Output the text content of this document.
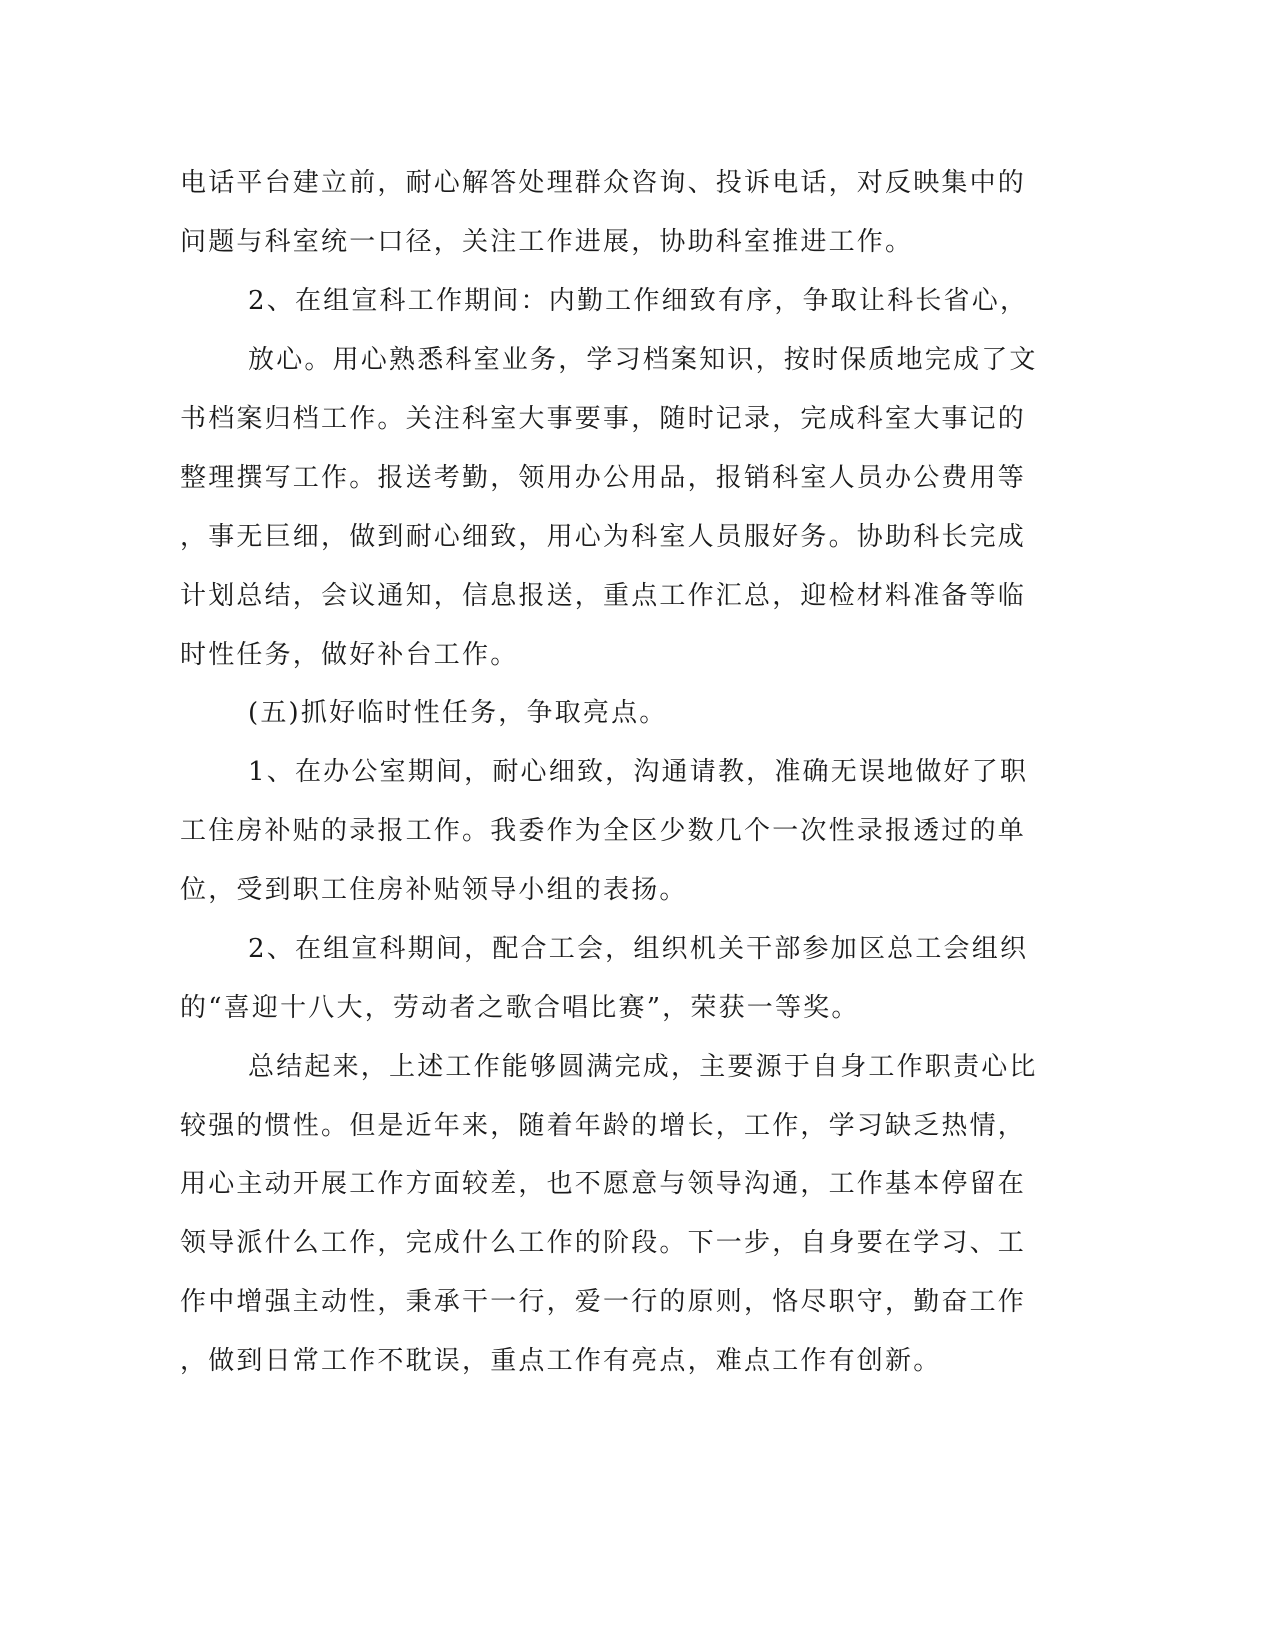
电话平台建立前，耐心解答处理群众咨询、投诉电话，对反映集中的
问题与科室统一口径，关注工作进展，协助科室推进工作。
2、在组宣科工作期间：内勤工作细致有序，争取让科长省心，
放心。用心熟悉科室业务，学习档案知识，按时保质地完成了文
书档案归档工作。关注科室大事要事，随时记录，完成科室大事记的
整理撰写工作。报送考勤，领用办公用品，报销科室人员办公费用等
，事无巨细，做到耐心细致，用心为科室人员服好务。协助科长完成
计划总结，会议通知，信息报送，重点工作汇总，迎检材料准备等临
时性任务，做好补台工作。
(五)抓好临时性任务，争取亮点。
1、在办公室期间，耐心细致，沟通请教，准确无误地做好了职
工住房补贴的录报工作。我委作为全区少数几个一次性录报透过的单
位，受到职工住房补贴领导小组的表扬。
2、在组宣科期间，配合工会，组织机关干部参加区总工会组织
的“喜迎十八大，劳动者之歌合唱比赛”，荣获一等奖。
总结起来，上述工作能够圆满完成，主要源于自身工作职责心比
较强的惯性。但是近年来，随着年龄的增长，工作，学习缺乏热情，
用心主动开展工作方面较差，也不愿意与领导沟通，工作基本停留在
领导派什么工作，完成什么工作的阶段。下一步，自身要在学习、工
作中增强主动性，秉承干一行，爱一行的原则，恪尽职守，勤奋工作
，做到日常工作不耽误，重点工作有亮点，难点工作有创新。
